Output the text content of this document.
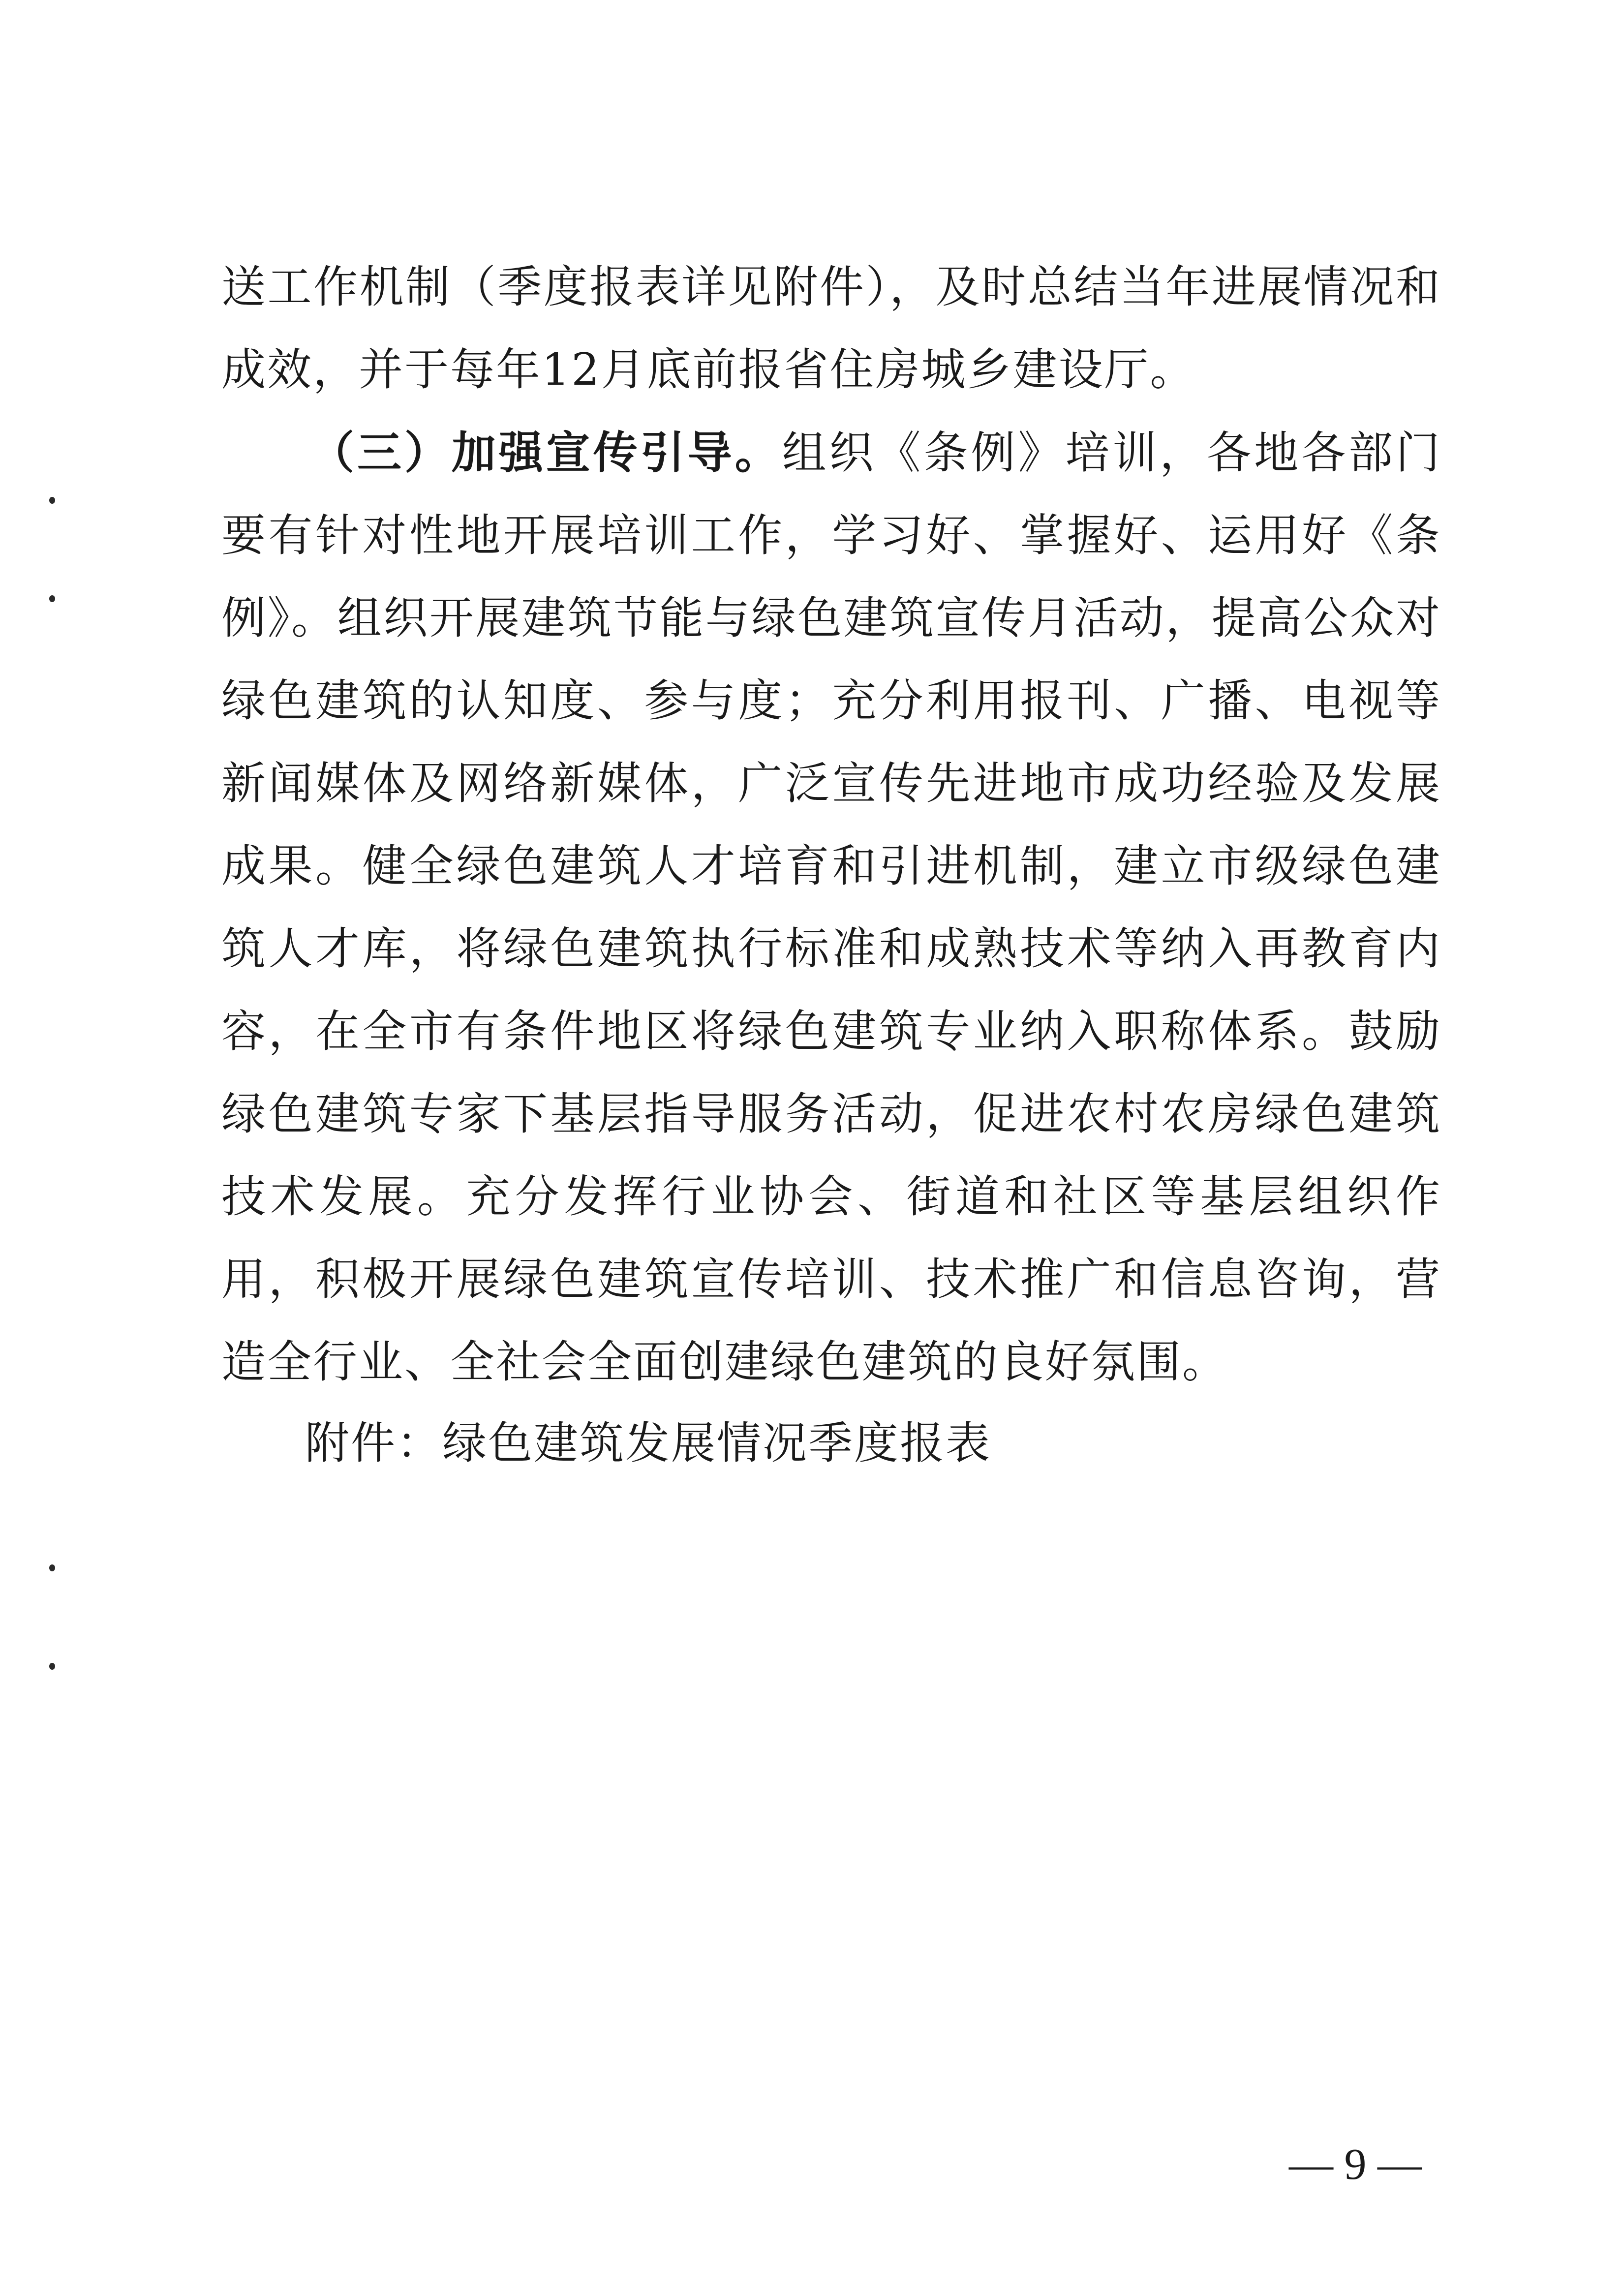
送工作机制（季度报表详见附件），及时总结当年进展情况和成效，并于每年12月底前报省住房城乡建设厅。

（三）加强宣传引导。组织《条例》培训，各地各部门要有针对性地开展培训工作，学习好、掌握好、运用好《条例》。组织开展建筑节能与绿色建筑宣传月活动，提高公众对绿色建筑的认知度、参与度；充分利用报刊、广播、电视等新闻媒体及网络新媒体，广泛宣传先进地市成功经验及发展成果。健全绿色建筑人才培育和引进机制，建立市级绿色建筑人才库，将绿色建筑执行标准和成熟技术等纳入再教育内容，在全市有条件地区将绿色建筑专业纳入职称体系。鼓励绿色建筑专家下基层指导服务活动，促进农村农房绿色建筑技术发展。充分发挥行业协会、街道和社区等基层组织作用，积极开展绿色建筑宣传培训、技术推广和信息咨询，营造全行业、全社会全面创建绿色建筑的良好氛围。

附件：绿色建筑发展情况季度报表
— 9 —
